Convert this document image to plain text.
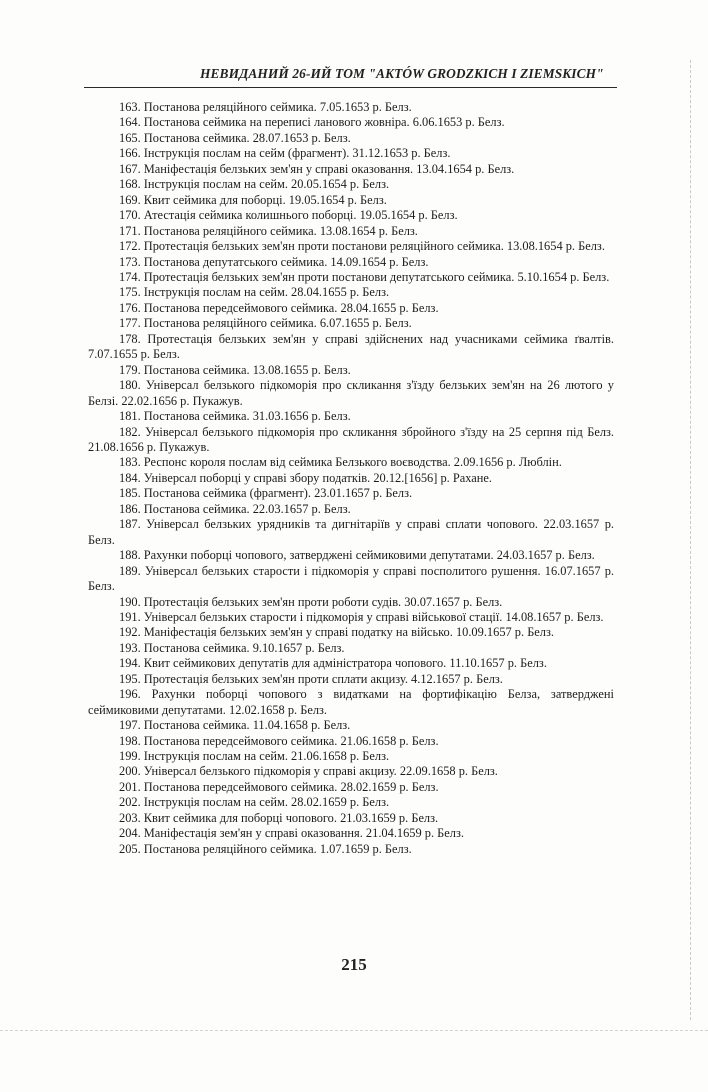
НЕВИДАНИЙ 26-ИЙ ТОМ "AKTÓW GRODZKICH I ZIEMSKICH"
163. Постанова реляційного сеймика. 7.05.1653 р. Белз.
164. Постанова сеймика на переписі ланового жовніра. 6.06.1653 р. Белз.
165. Постанова сеймика. 28.07.1653 р. Белз.
166. Інструкція послам на сейм (фрагмент). 31.12.1653 р. Белз.
167. Маніфестація белзьких зем'ян у справі оказовання. 13.04.1654 р. Белз.
168. Інструкція послам на сейм. 20.05.1654 р. Белз.
169. Квит сеймика для поборці. 19.05.1654 р. Белз.
170. Атестація сеймика колишнього поборці. 19.05.1654 р. Белз.
171. Постанова реляційного сеймика. 13.08.1654 р. Белз.
172. Протестація белзьких зем'ян проти постанови реляційного сеймика. 13.08.1654 р. Белз.
173. Постанова депутатського сеймика. 14.09.1654 р. Белз.
174. Протестація белзьких зем'ян проти постанови депутатського сеймика. 5.10.1654 р. Белз.
175. Інструкція послам на сейм. 28.04.1655 р. Белз.
176. Постанова передсеймового сеймика. 28.04.1655 р. Белз.
177. Постанова реляційного сеймика. 6.07.1655 р. Белз.
178. Протестація белзьких зем'ян у справі здійснених над учасниками сеймика ґвалтів. 7.07.1655 р. Белз.
179. Постанова сеймика. 13.08.1655 р. Белз.
180. Універсал белзького підкоморія про скликання з'їзду белзьких зем'ян на 26 лютого у Белзі. 22.02.1656 р. Пукажув.
181. Постанова сеймика. 31.03.1656 р. Белз.
182. Універсал белзького підкоморія про скликання збройного з'їзду на 25 серпня під Белз. 21.08.1656 р. Пукажув.
183. Респонс короля послам від сеймика Белзького воєводства. 2.09.1656 р. Люблін.
184. Універсал поборці у справі збору податків. 20.12.[1656] р. Рахане.
185. Постанова сеймика (фрагмент). 23.01.1657 р. Белз.
186. Постанова сеймика. 22.03.1657 р. Белз.
187. Універсал белзьких урядників та дигнітаріїв у справі сплати чопового. 22.03.1657 р. Белз.
188. Рахунки поборці чопового, затверджені сеймиковими депутатами. 24.03.1657 р. Белз.
189. Універсал белзьких старости і підкоморія у справі посполитого рушення. 16.07.1657 р. Белз.
190. Протестація белзьких зем'ян проти роботи судів. 30.07.1657 р. Белз.
191. Універсал белзьких старости і підкоморія у справі військової стації. 14.08.1657 р. Белз.
192. Маніфестація белзьких зем'ян у справі податку на військо. 10.09.1657 р. Белз.
193. Постанова сеймика. 9.10.1657 р. Белз.
194. Квит сеймикових депутатів для адміністратора чопового. 11.10.1657 р. Белз.
195. Протестація белзьких зем'ян проти сплати акцизу. 4.12.1657 р. Белз.
196. Рахунки поборці чопового з видатками на фортифікацію Белза, затверджені сеймиковими депутатами. 12.02.1658 р. Белз.
197. Постанова сеймика. 11.04.1658 р. Белз.
198. Постанова передсеймового сеймика. 21.06.1658 р. Белз.
199. Інструкція послам на сейм. 21.06.1658 р. Белз.
200. Універсал белзького підкоморія у справі акцизу. 22.09.1658 р. Белз.
201. Постанова передсеймового сеймика. 28.02.1659 р. Белз.
202. Інструкція послам на сейм. 28.02.1659 р. Белз.
203. Квит сеймика для поборці чопового. 21.03.1659 р. Белз.
204. Маніфестація зем'ян у справі оказовання. 21.04.1659 р. Белз.
205. Постанова реляційного сеймика. 1.07.1659 р. Белз.
215
